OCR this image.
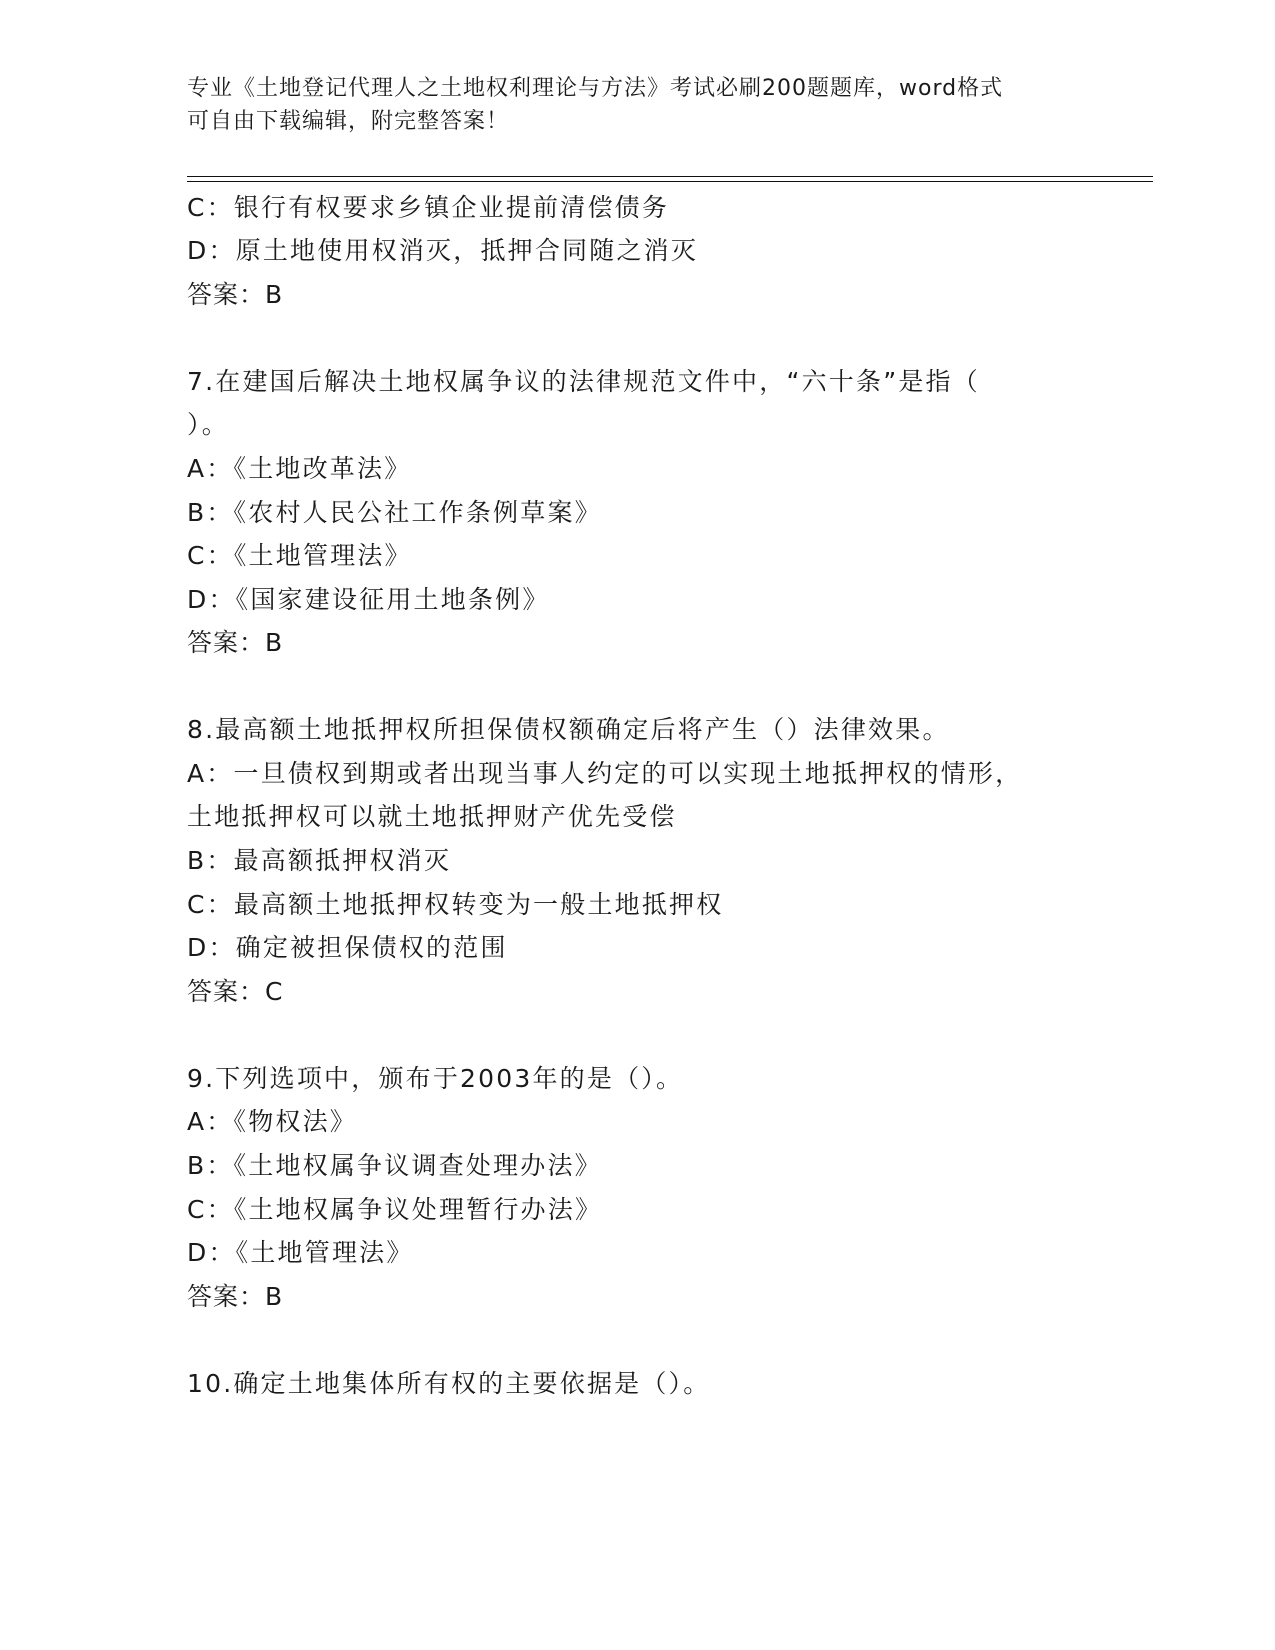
专业《土地登记代理人之土地权利理论与方法》考试必刷200题题库，word格式
可自由下载编辑，附完整答案！
C：银行有权要求乡镇企业提前清偿债务
D：原土地使用权消灭，抵押合同随之消灭
答案：B
7.在建国后解决土地权属争议的法律规范文件中，“六十条”是指（
）。
A：《土地改革法》
B：《农村人民公社工作条例草案》
C：《土地管理法》
D：《国家建设征用土地条例》
答案：B
8.最高额土地抵押权所担保债权额确定后将产生（）法律效果。
A：一旦债权到期或者出现当事人约定的可以实现土地抵押权的情形，
土地抵押权可以就土地抵押财产优先受偿
B：最高额抵押权消灭
C：最高额土地抵押权转变为一般土地抵押权
D：确定被担保债权的范围
答案：C
9.下列选项中，颁布于2003年的是（）。
A：《物权法》
B：《土地权属争议调查处理办法》
C：《土地权属争议处理暂行办法》
D：《土地管理法》
答案：B
10.确定土地集体所有权的主要依据是（）。
